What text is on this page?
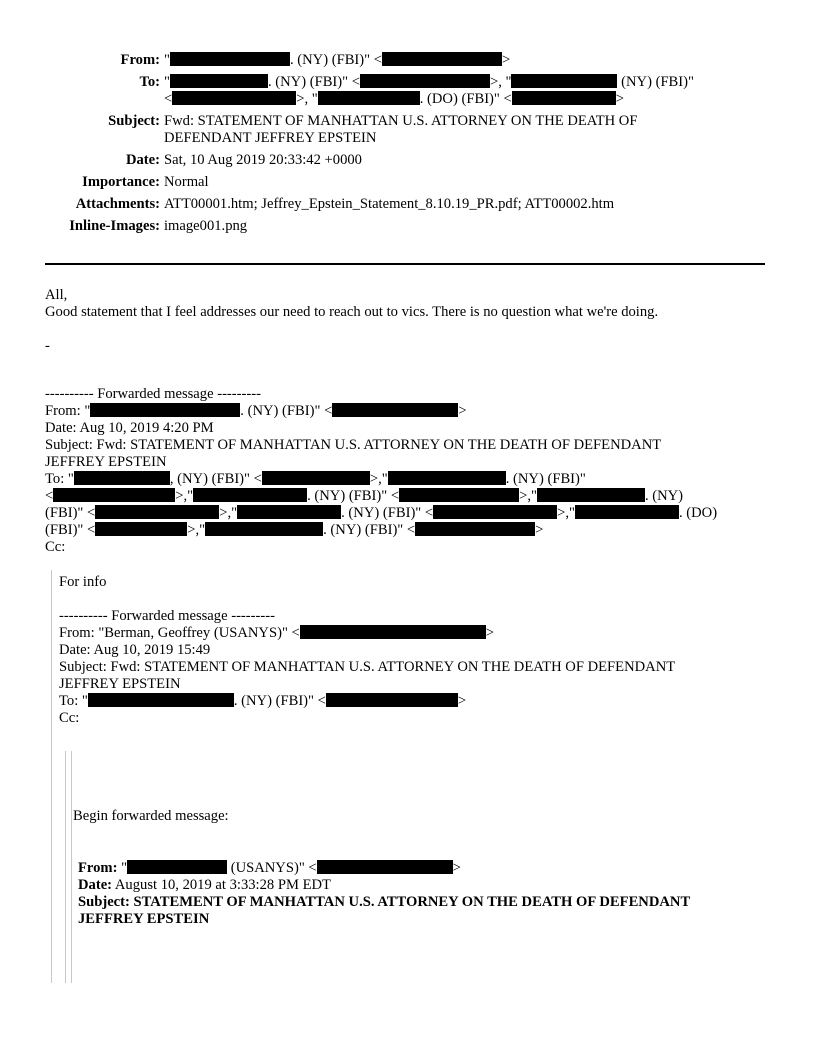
From: "	. (NY) (FBI)" <	>
To: "	. (NY) (FBI)" <	>, "	(NY) (FBI)"
<	>, "	. (DO) (FBI)" <	>
Subject: Fwd: STATEMENT OF MANHATTAN U.S. ATTORNEY ON THE DEATH OF
DEFENDANT JEFFREY EPSTEIN
Date: Sat, 10 Aug 2019 20:33:42 +0000
Importance: Normal
Attachments: ATT00001.htm; Jeffrey_Epstein_Statement_8.10.19_PR.pdf; ATT00002.htm
Inline-Images: image001.png

All,

Good statement that I feel addresses our need to reach out to vics. There is no question what we're doing.

-

---------- Forwarded message ---------

From: "	. (NY) (FBI)" <	>

Date: Aug 10, 2019 4:20 PM

Subject: Fwd: STATEMENT OF MANHATTAN U.S. ATTORNEY ON THE DEATH OF DEFENDANT

JEFFREY EPSTEIN

To: "	, (NY) (FBI)" <	>,"	. (NY) (FBI)"

<	>,"	. (NY) (FBI)" <	>,"	. (NY)

(FBI)" <	>,"	. (NY) (FBI)" <	>,"	. (DO)

(FBI)" <	>,"	. (NY) (FBI)" <	>

Cc:

For info

---------- Forwarded message ---------

From: "Berman, Geoffrey (USANYS)" <	>

Date: Aug 10, 2019 15:49

Subject: Fwd: STATEMENT OF MANHATTAN U.S. ATTORNEY ON THE DEATH OF DEFENDANT

JEFFREY EPSTEIN

To: "	. (NY) (FBI)" <	>

Cc:

Begin forwarded message:
From: "	(USANYS)" <	>
Date: August 10, 2019 at 3:33:28 PM EDT
Subject: STATEMENT OF MANHATTAN U.S. ATTORNEY ON THE DEATH OF DEFENDANT JEFFREY EPSTEIN
